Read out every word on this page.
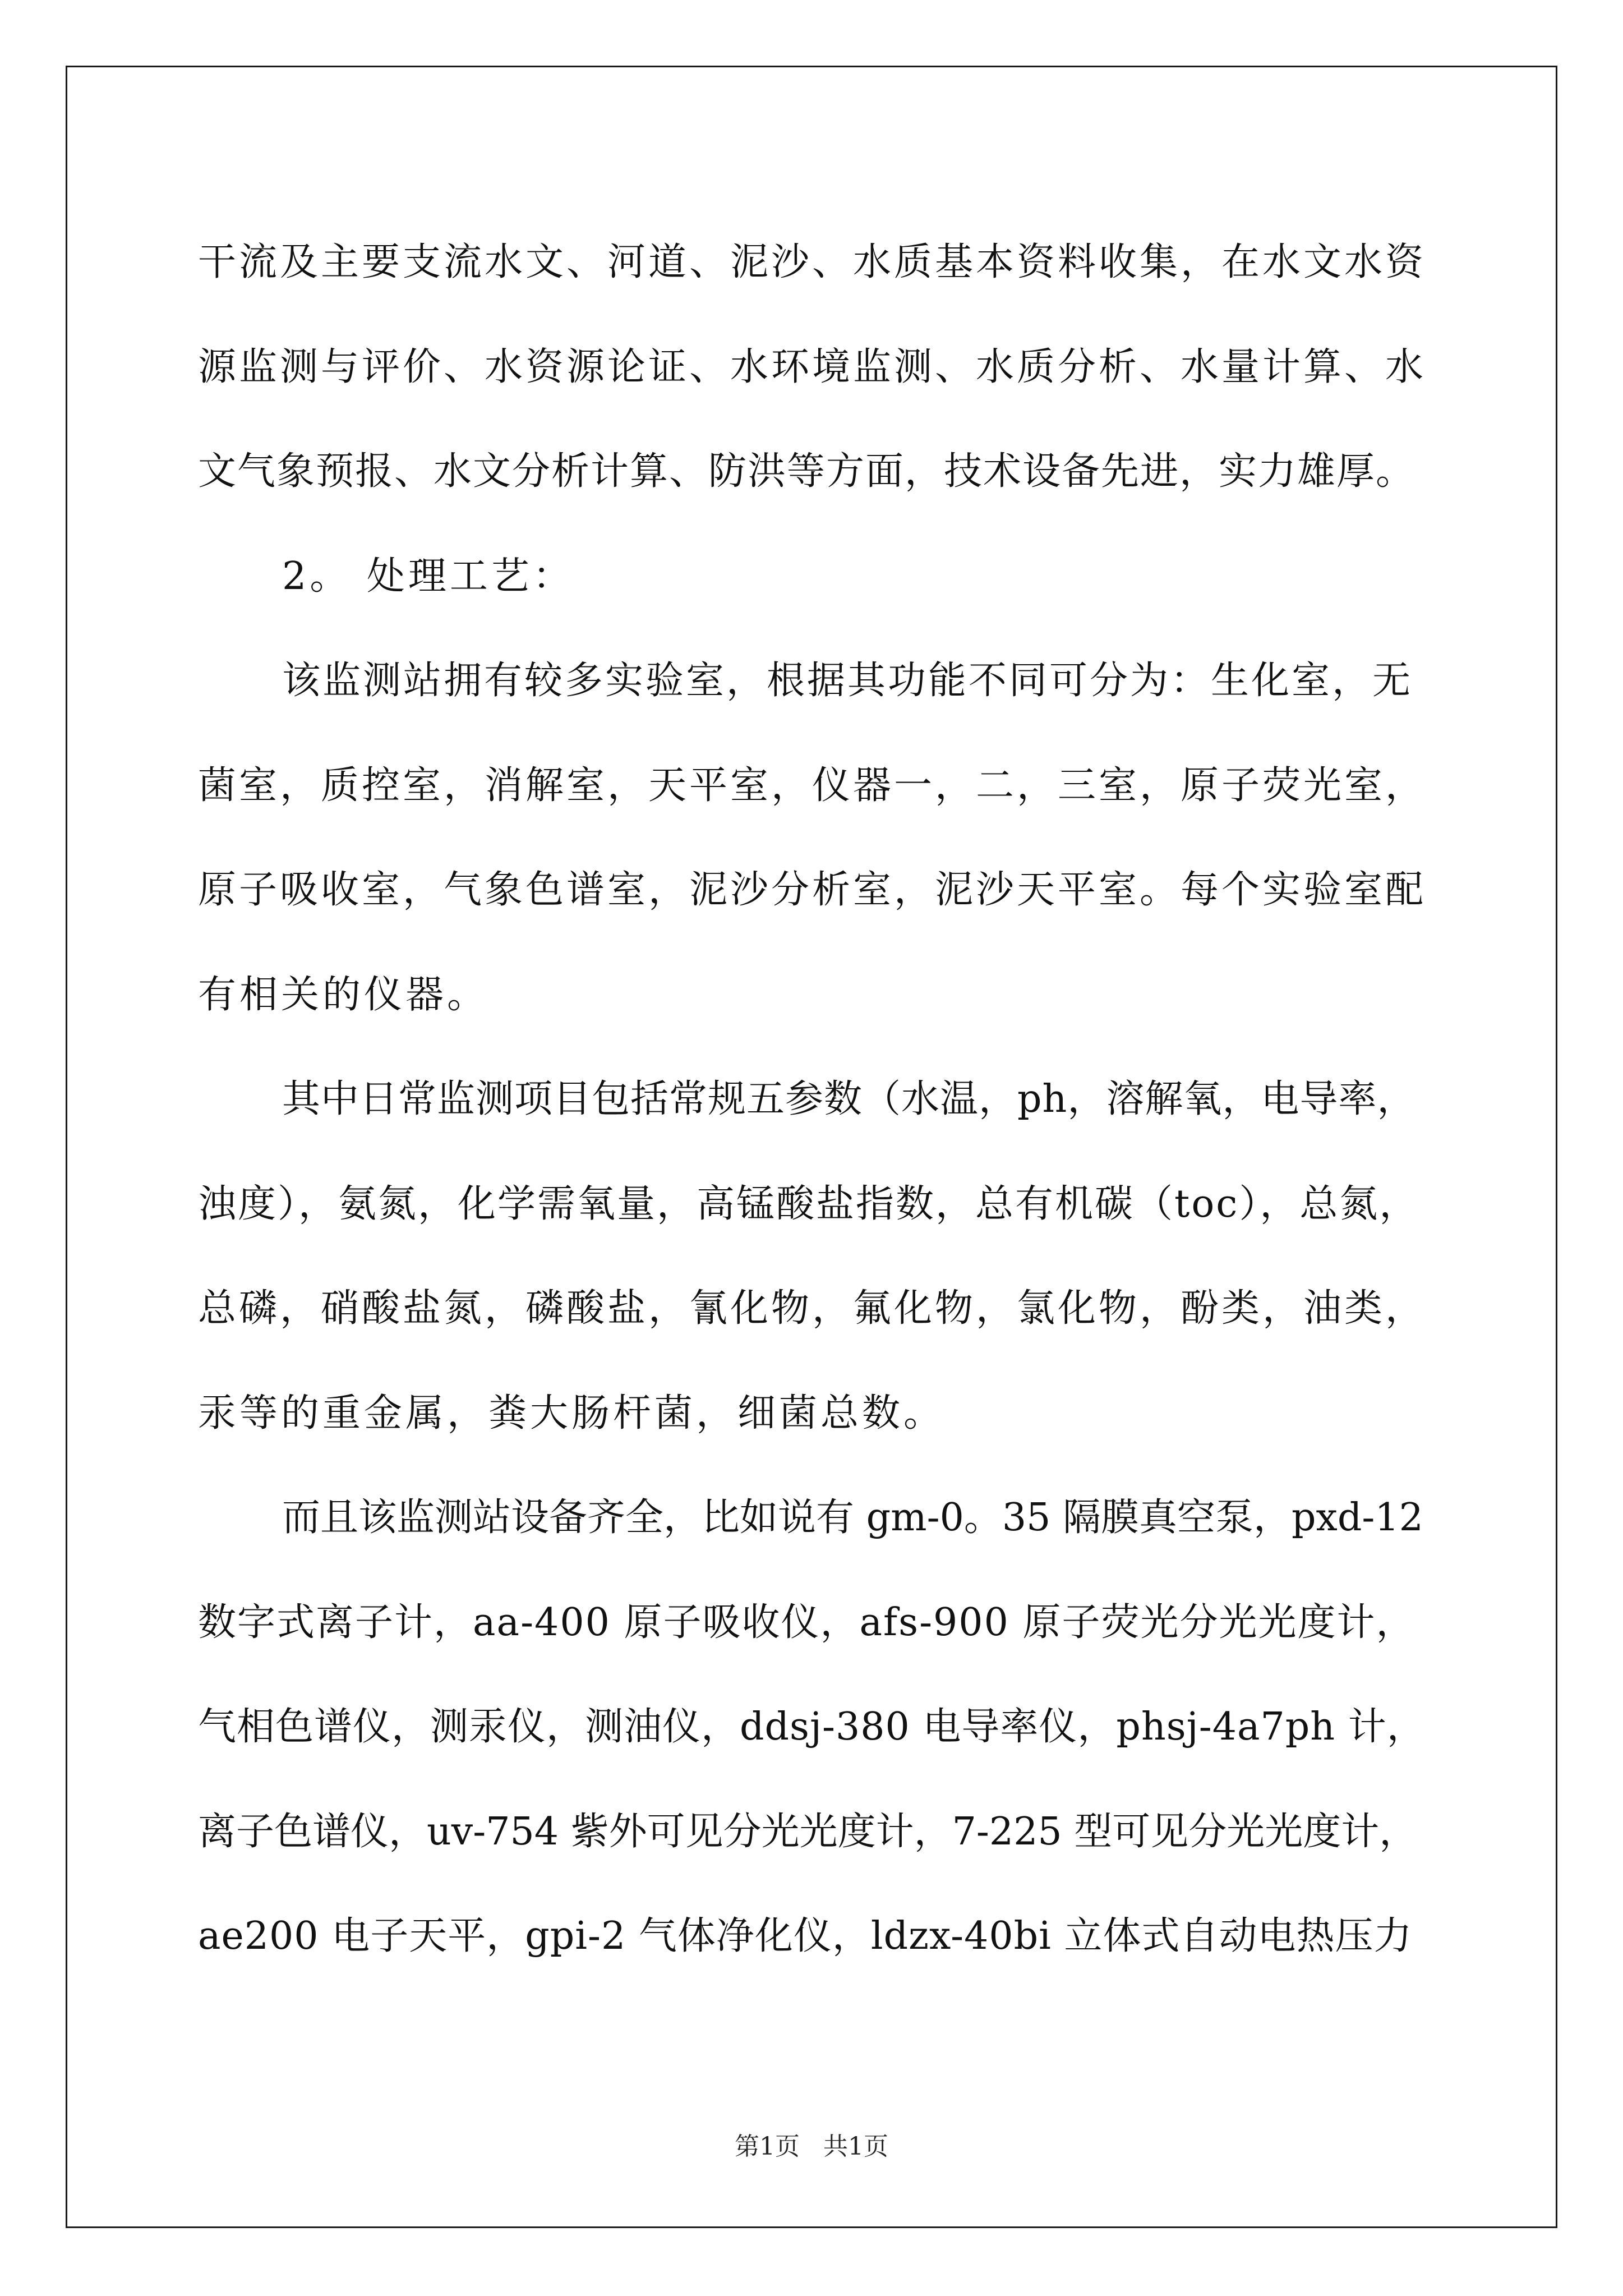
干流及主要支流水文、河道、泥沙、水质基本资料收集，在水文水资
源监测与评价、水资源论证、水环境监测、水质分析、水量计算、水
文气象预报、水文分析计算、防洪等方面，技术设备先进，实力雄厚。
2。 处理工艺：
该监测站拥有较多实验室，根据其功能不同可分为：生化室，无
菌室，质控室，消解室，天平室，仪器一，二，三室，原子荧光室，
原子吸收室，气象色谱室，泥沙分析室，泥沙天平室。每个实验室配
有相关的仪器。
其中日常监测项目包括常规五参数（水温，ph，溶解氧，电导率，
浊度），氨氮，化学需氧量，高锰酸盐指数，总有机碳（toc），总氮，
总磷，硝酸盐氮，磷酸盐，氰化物，氟化物，氯化物，酚类，油类，
汞等的重金属，粪大肠杆菌，细菌总数。
而且该监测站设备齐全，比如说有 gm-0。35 隔膜真空泵，pxd-12
数字式离子计，aa-400 原子吸收仪，afs-900 原子荧光分光光度计，
气相色谱仪，测汞仪，测油仪，ddsj-380 电导率仪，phsj-4a7ph 计，
离子色谱仪，uv-754 紫外可见分光光度计，7-225 型可见分光光度计，
ae200 电子天平，gpi-2 气体净化仪，ldzx-40bi 立体式自动电热压力
第1页   共1页
